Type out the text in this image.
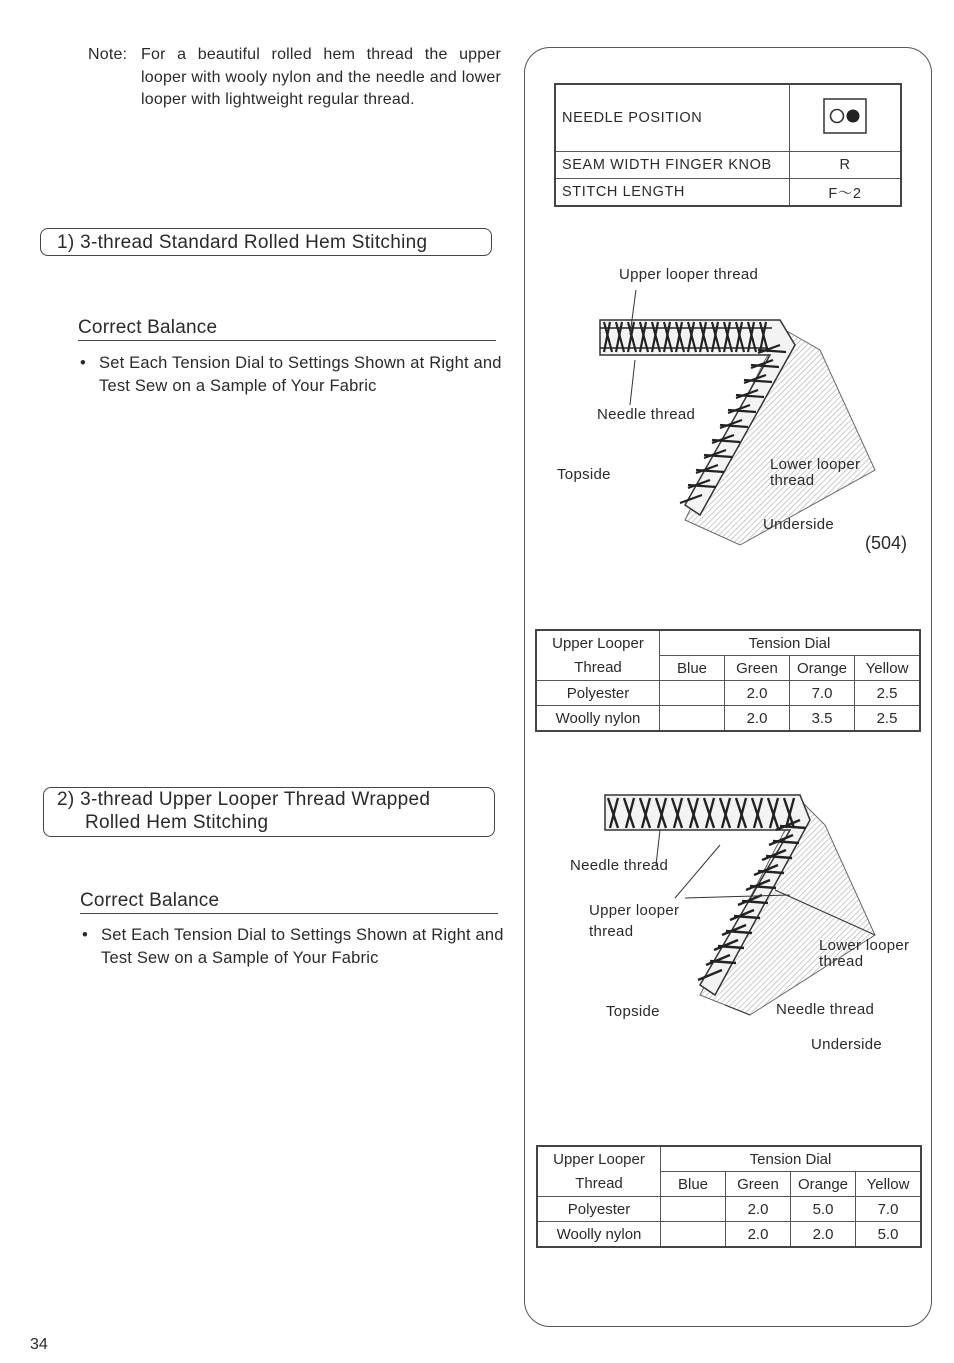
Note: For a beautiful rolled hem thread the upper looper with wooly nylon and the needle and lower looper with lightweight regular thread.
1) 3-thread Standard Rolled Hem Stitching
Correct Balance
• Set Each Tension Dial to Settings Shown at Right and Test Sew on a Sample of Your Fabric
2) 3-thread Upper Looper Thread Wrapped
Rolled Hem Stitching
Correct Balance
• Set Each Tension Dial to Settings Shown at Right and Test Sew on a Sample of Your Fabric
NEEDLE POSITION	
SEAM WIDTH FINGER KNOB	R
STITCH LENGTH	F～2
Upper looper thread
Needle thread
Topside
Lower looper
thread
Underside
(504)
Upper Looper	Tension Dial			
Thread	Blue	Green	Orange	Yellow
Polyester		2.0	7.0	2.5
Woolly nylon		2.0	3.5	2.5
Needle thread
Upper looper
thread
Lower looper
thread
Topside	Needle thread
Underside
Upper Looper	Tension Dial			
Thread	Blue	Green	Orange	Yellow
Polyester		2.0	5.0	7.0
Woolly nylon		2.0	2.0	5.0
34
